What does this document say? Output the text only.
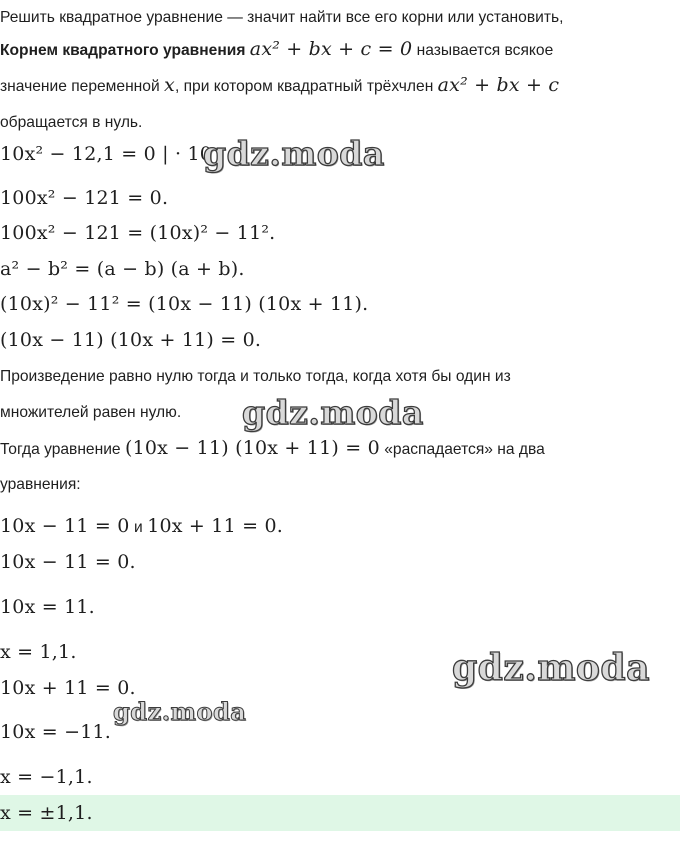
Решить квадратное уравнение — значит найти все его корни или установить,
Корнем квадратного уравнения ax² + bx + c = 0 называется всякое
значение переменной x, при котором квадратный трёхчлен ax² + bx + c
обращается в нуль.
10x² − 12,1 = 0 | · 10
100x² − 121 = 0.
100x² − 121 = (10x)² − 11².
a² − b² = (a − b) (a + b).
(10x)² − 11² = (10x − 11) (10x + 11).
(10x − 11) (10x + 11) = 0.
Произведение равно нулю тогда и только тогда, когда хотя бы один из
множителей равен нулю.
Тогда уравнение (10x − 11) (10x + 11) = 0 «распадается» на два
уравнения:
10x − 11 = 0 и 10x + 11 = 0.
10x − 11 = 0.
10x = 11.
x = 1,1.
10x + 11 = 0.
10x = −11.
x = −1,1.
x = ±1,1.
gdz.moda
gdz.moda
gdz.moda
gdz.moda
